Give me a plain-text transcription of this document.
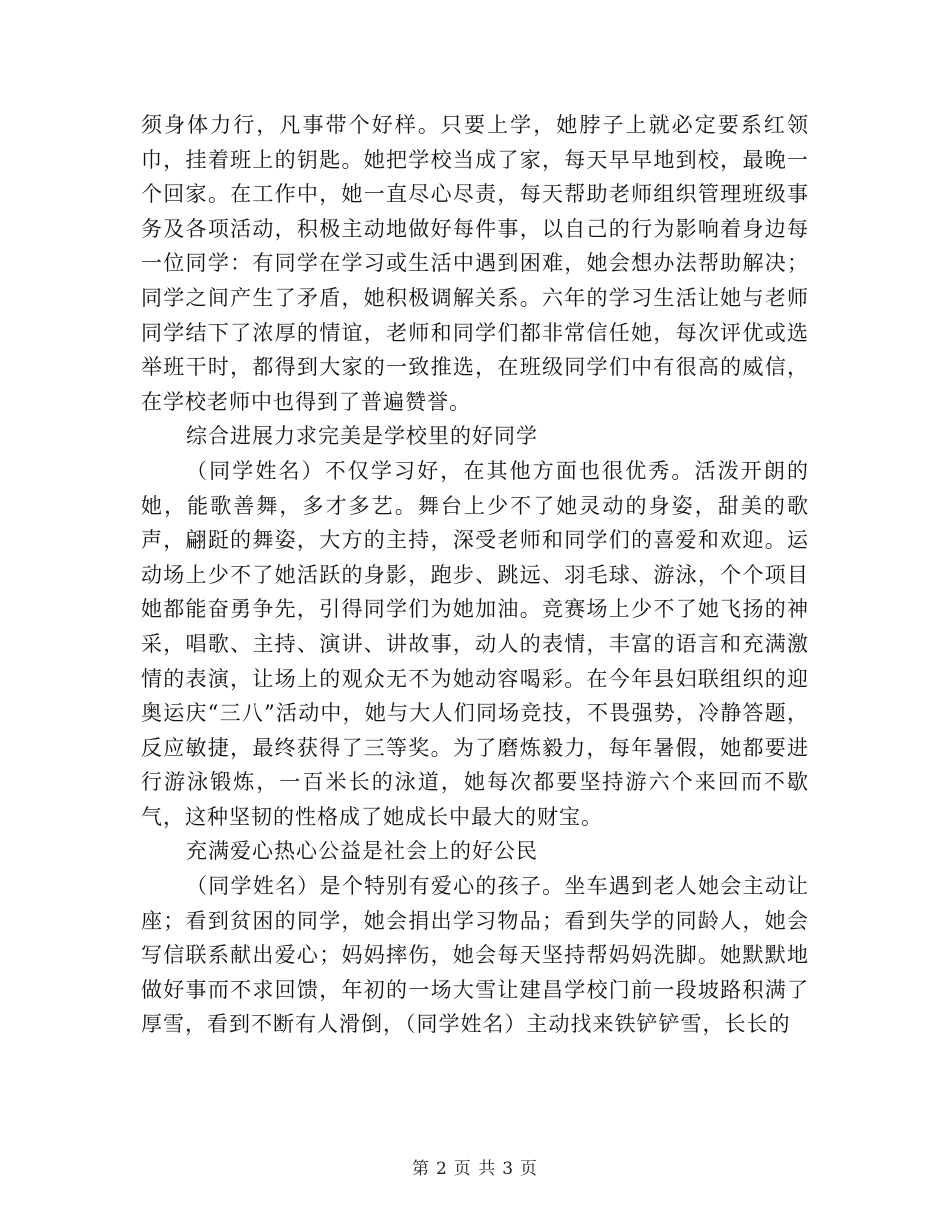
须身体力行，凡事带个好样。只要上学，她脖子上就必定要系红领巾，挂着班上的钥匙。她把学校当成了家，每天早早地到校，最晚一个回家。在工作中，她一直尽心尽责，每天帮助老师组织管理班级事务及各项活动，积极主动地做好每件事，以自己的行为影响着身边每一位同学：有同学在学习或生活中遇到困难，她会想办法帮助解决；同学之间产生了矛盾，她积极调解关系。六年的学习生活让她与老师同学结下了浓厚的情谊，老师和同学们都非常信任她，每次评优或选举班干时，都得到大家的一致推选，在班级同学们中有很高的威信，在学校老师中也得到了普遍赞誉。

综合进展力求完美是学校里的好同学

（同学姓名）不仅学习好，在其他方面也很优秀。活泼开朗的她，能歌善舞，多才多艺。舞台上少不了她灵动的身姿，甜美的歌声，翩跹的舞姿，大方的主持，深受老师和同学们的喜爱和欢迎。运动场上少不了她活跃的身影，跑步、跳远、羽毛球、游泳，个个项目她都能奋勇争先，引得同学们为她加油。竞赛场上少不了她飞扬的神采，唱歌、主持、演讲、讲故事，动人的表情，丰富的语言和充满激情的表演，让场上的观众无不为她动容喝彩。在今年县妇联组织的迎奥运庆“三八”活动中，她与大人们同场竞技，不畏强势，冷静答题，反应敏捷，最终获得了三等奖。为了磨炼毅力，每年暑假，她都要进行游泳锻炼，一百米长的泳道，她每次都要坚持游六个来回而不歇气，这种坚韧的性格成了她成长中最大的财宝。

充满爱心热心公益是社会上的好公民

（同学姓名）是个特别有爱心的孩子。坐车遇到老人她会主动让座；看到贫困的同学，她会捐出学习物品；看到失学的同龄人，她会写信联系献出爱心；妈妈摔伤，她会每天坚持帮妈妈洗脚。她默默地做好事而不求回馈，年初的一场大雪让建昌学校门前一段坡路积满了厚雪，看到不断有人滑倒，（同学姓名）主动找来铁铲铲雪，长长的

第 2 页 共 3 页
